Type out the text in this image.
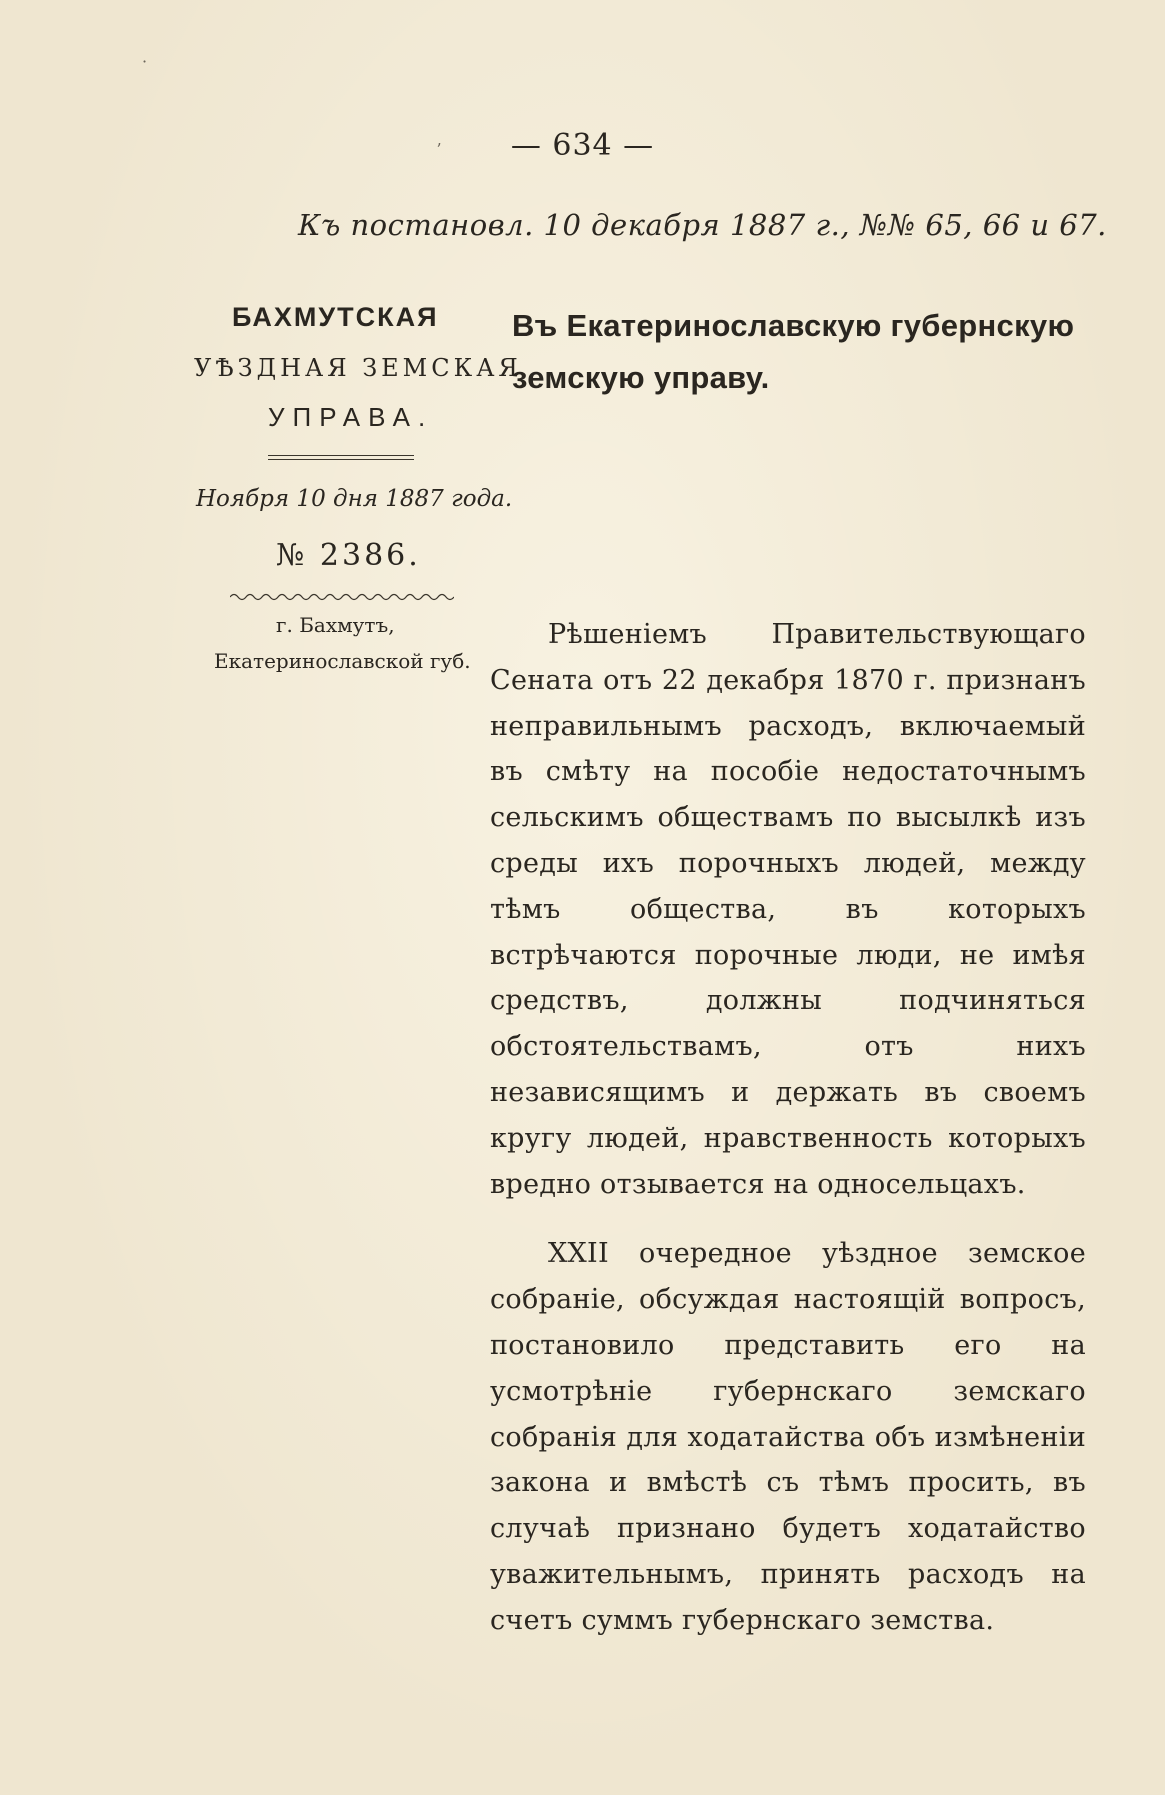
— 634 —
Къ постановл. 10 декабря 1887 г., №№ 65, 66 и 67.
БАХМУТСКАЯ
УѢЗДНАЯ ЗЕМСКАЯ
УПРАВА.
Въ Екатеринославскую губернскую
земскую управу.
Ноября 10 дня 1887 года.
№ 2386.
г. Бахмутъ,
Екатеринославской губ.

Рѣшеніемъ Правительствующаго Сената отъ 22 декабря 1870 г. признанъ неправильнымъ расходъ, включаемый въ смѣту на пособіе недостаточнымъ сельскимъ обществамъ по высылкѣ изъ среды ихъ порочныхъ людей, между тѣмъ общества, въ которыхъ встрѣчаются порочные люди, не имѣя средствъ, должны подчиняться обстоятельствамъ, отъ нихъ независящимъ и держать въ своемъ кругу людей, нравственность которыхъ вредно отзывается на односельцахъ.

XXII очередное уѣздное земское собраніе, обсуждая настоящій вопросъ, постановило представить его на усмотрѣніе губернскаго земскаго собранія для ходатайства объ измѣненіи закона и вмѣстѣ съ тѣмъ просить, въ случаѣ признано будетъ ходатайство уважительнымъ, принять расходъ на счетъ суммъ губернскаго земства.

ʼ
·
